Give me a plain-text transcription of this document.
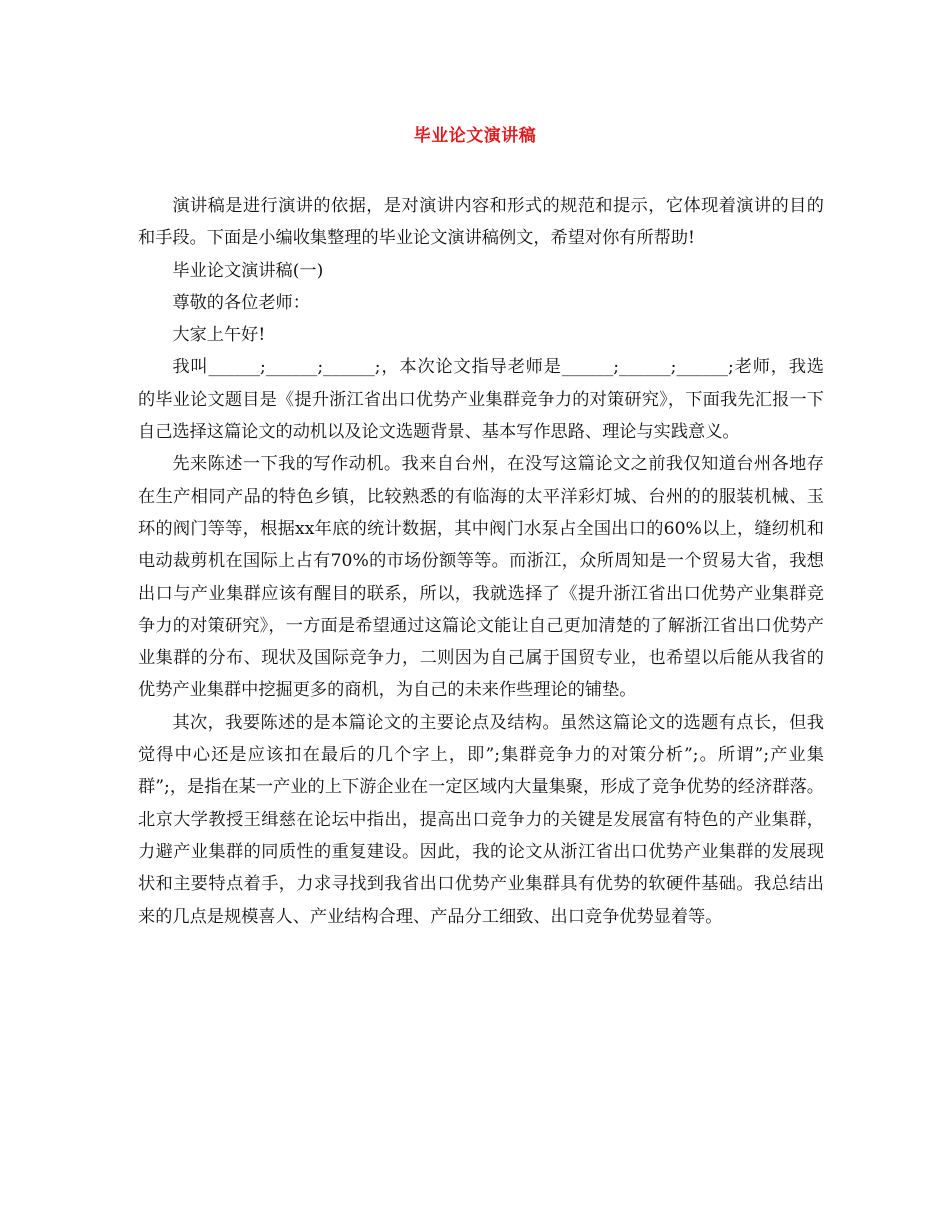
毕业论文演讲稿

演讲稿是进行演讲的依据，是对演讲内容和形式的规范和提示，它体现着演讲的目的和手段。下面是小编收集整理的毕业论文演讲稿例文，希望对你有所帮助!

毕业论文演讲稿(一)

尊敬的各位老师：

大家上午好!

我叫______;______;______;，本次论文指导老师是______;______;______;老师，我选的毕业论文题目是《提升浙江省出口优势产业集群竞争力的对策研究》，下面我先汇报一下自己选择这篇论文的动机以及论文选题背景、基本写作思路、理论与实践意义。

先来陈述一下我的写作动机。我来自台州，在没写这篇论文之前我仅知道台州各地存在生产相同产品的特色乡镇，比较熟悉的有临海的太平洋彩灯城、台州的的服装机械、玉环的阀门等等，根据xx年底的统计数据，其中阀门水泵占全国出口的60%以上，缝纫机和电动裁剪机在国际上占有70%的市场份额等等。而浙江，众所周知是一个贸易大省，我想出口与产业集群应该有醒目的联系，所以，我就选择了《提升浙江省出口优势产业集群竞争力的对策研究》，一方面是希望通过这篇论文能让自己更加清楚的了解浙江省出口优势产业集群的分布、现状及国际竞争力，二则因为自己属于国贸专业，也希望以后能从我省的优势产业集群中挖掘更多的商机，为自己的未来作些理论的铺垫。

其次，我要陈述的是本篇论文的主要论点及结构。虽然这篇论文的选题有点长，但我觉得中心还是应该扣在最后的几个字上，即”;集群竞争力的对策分析”;。所谓”;产业集群”;，是指在某一产业的上下游企业在一定区域内大量集聚，形成了竞争优势的经济群落。北京大学教授王缉慈在论坛中指出，提高出口竞争力的关键是发展富有特色的产业集群，力避产业集群的同质性的重复建设。因此，我的论文从浙江省出口优势产业集群的发展现状和主要特点着手，力求寻找到我省出口优势产业集群具有优势的软硬件基础。我总结出来的几点是规模喜人、产业结构合理、产品分工细致、出口竞争优势显着等。
